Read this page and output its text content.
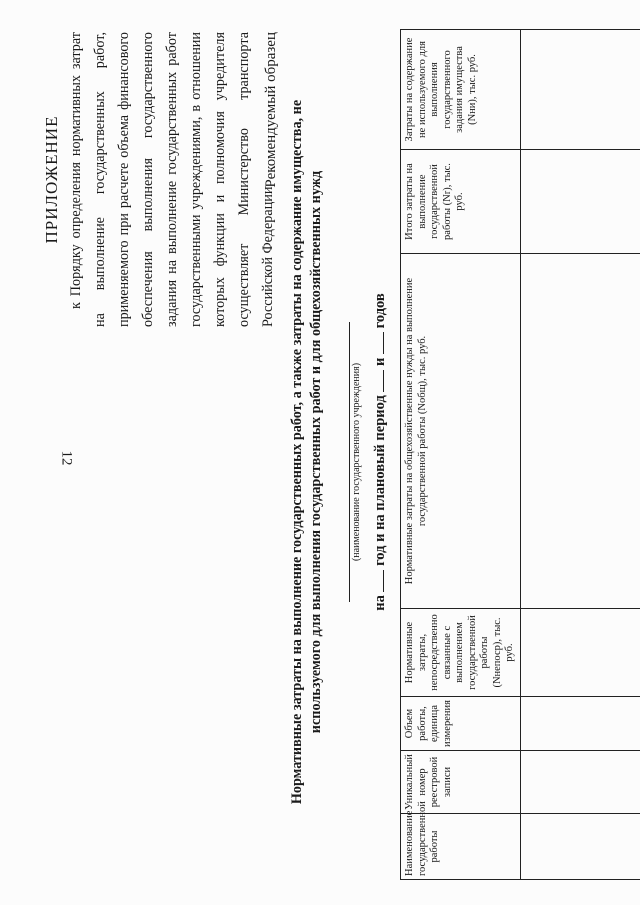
12
ПРИЛОЖЕНИЕ к Порядку определения нормативных затрат на выполнение государственных работ, применяемого при расчете объема финансового обеспечения выполнения государственного задания на выполнение государственных работ государственными учреждениями, в отношении которых функции и полномочия учредителя осуществляет Министерство транспорта Российской Федерации
Рекомендуемый образец Нормативные затраты на выполнение государственных работ, а также затраты на содержание имущества, не используемого для выполнения государственных работ и для общехозяйственных нужд	(наименование государственного учреждения)
на  год и на плановый период  и  годов
Наименование государственной работы	Уникальный номер реестровой записи	Объем работы, единица измерения	Нормативные затраты, непосредственно связанные с выполнением государственной работы (Nнепоср), тыс. руб.	Нормативные затраты на общехозяйственные нужды на выполнение государственной работы (Nобщ), тыс. руб.	Итого затраты на выполнение государственной работы (Nr), тыс. руб.	Затраты на содержание не используемого для выполнения государственного задания имущества (Nни), тыс. руб.
